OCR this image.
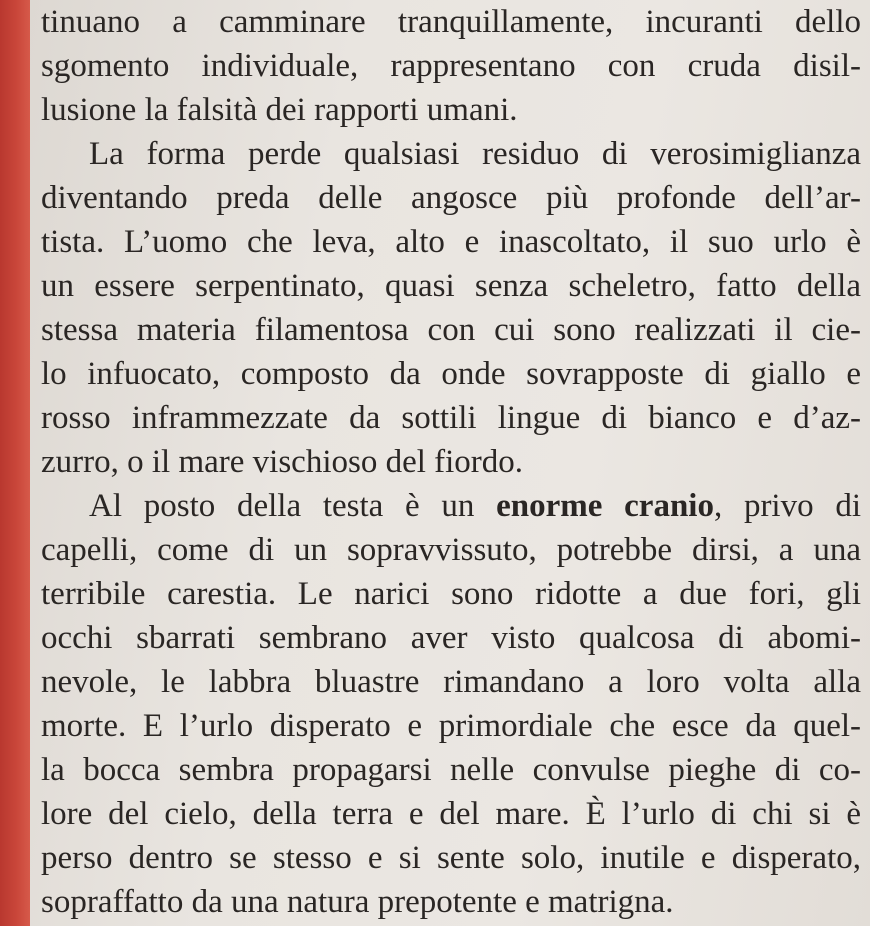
tinuano a camminare tranquillamente, incuranti dello
sgomento individuale, rappresentano con cruda disil-
lusione la falsità dei rapporti umani.
La forma perde qualsiasi residuo di verosimiglianza
diventando preda delle angosce più profonde dell’ar-
tista. L’uomo che leva, alto e inascoltato, il suo urlo è
un essere serpentinato, quasi senza scheletro, fatto della
stessa materia filamentosa con cui sono realizzati il cie-
lo infuocato, composto da onde sovrapposte di giallo e
rosso inframmezzate da sottili lingue di bianco e d’az-
zurro, o il mare vischioso del fiordo.
Al posto della testa è un enorme cranio, privo di
capelli, come di un sopravvissuto, potrebbe dirsi, a una
terribile carestia. Le narici sono ridotte a due fori, gli
occhi sbarrati sembrano aver visto qualcosa di abomi-
nevole, le labbra bluastre rimandano a loro volta alla
morte. E l’urlo disperato e primordiale che esce da quel-
la bocca sembra propagarsi nelle convulse pieghe di co-
lore del cielo, della terra e del mare. È l’urlo di chi si è
perso dentro se stesso e si sente solo, inutile e disperato,
sopraffatto da una natura prepotente e matrigna.
